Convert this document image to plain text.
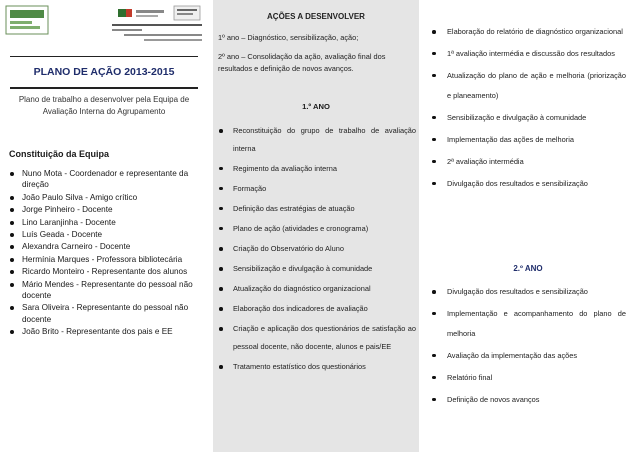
PLANO DE AÇÃO 2013-2015
Plano de trabalho a desenvolver pela Equipa de Avaliação Interna do Agrupamento
Constituição da Equipa
Nuno Mota - Coordenador e representante da direção
João Paulo Silva - Amigo crítico
Jorge Pinheiro - Docente
Lino Laranjinha - Docente
Luís Geada - Docente
Alexandra Carneiro - Docente
Hermínia Marques - Professora bibliotecária
Ricardo Monteiro - Representante dos alunos
Mário Mendes - Representante do pessoal não docente
Sara Oliveira - Representante do pessoal não docente
João Brito - Representante dos pais e EE
AÇÕES A DESENVOLVER
1º ano – Diagnóstico, sensibilização, ação;
2º ano – Consolidação da ação, avaliação final dos resultados e definição de novos avanços.
1.º ANO
Reconstituição do grupo de trabalho de avaliação interna
Regimento da avaliação interna
Formação
Definição das estratégias de atuação
Plano de ação (atividades e cronograma)
Criação do Observatório do Aluno
Sensibilização e divulgação à comunidade
Atualização do diagnóstico organizacional
Elaboração dos indicadores de avaliação
Criação e aplicação dos questionários de satisfação ao pessoal docente, não docente, alunos e pais/EE
Tratamento estatístico dos questionários
Elaboração do relatório de diagnóstico organizacional
1ª avaliação intermédia e discussão dos resultados
Atualização do plano de ação e melhoria (priorização e planeamento)
Sensibilização e divulgação à comunidade
Implementação das ações de melhoria
2ª avaliação intermédia
Divulgação dos resultados e sensibilização
2.º ANO
Divulgação dos resultados e sensibilização
Implementação e acompanhamento do plano de melhoria
Avaliação da implementação das ações
Relatório final
Definição de novos avanços
